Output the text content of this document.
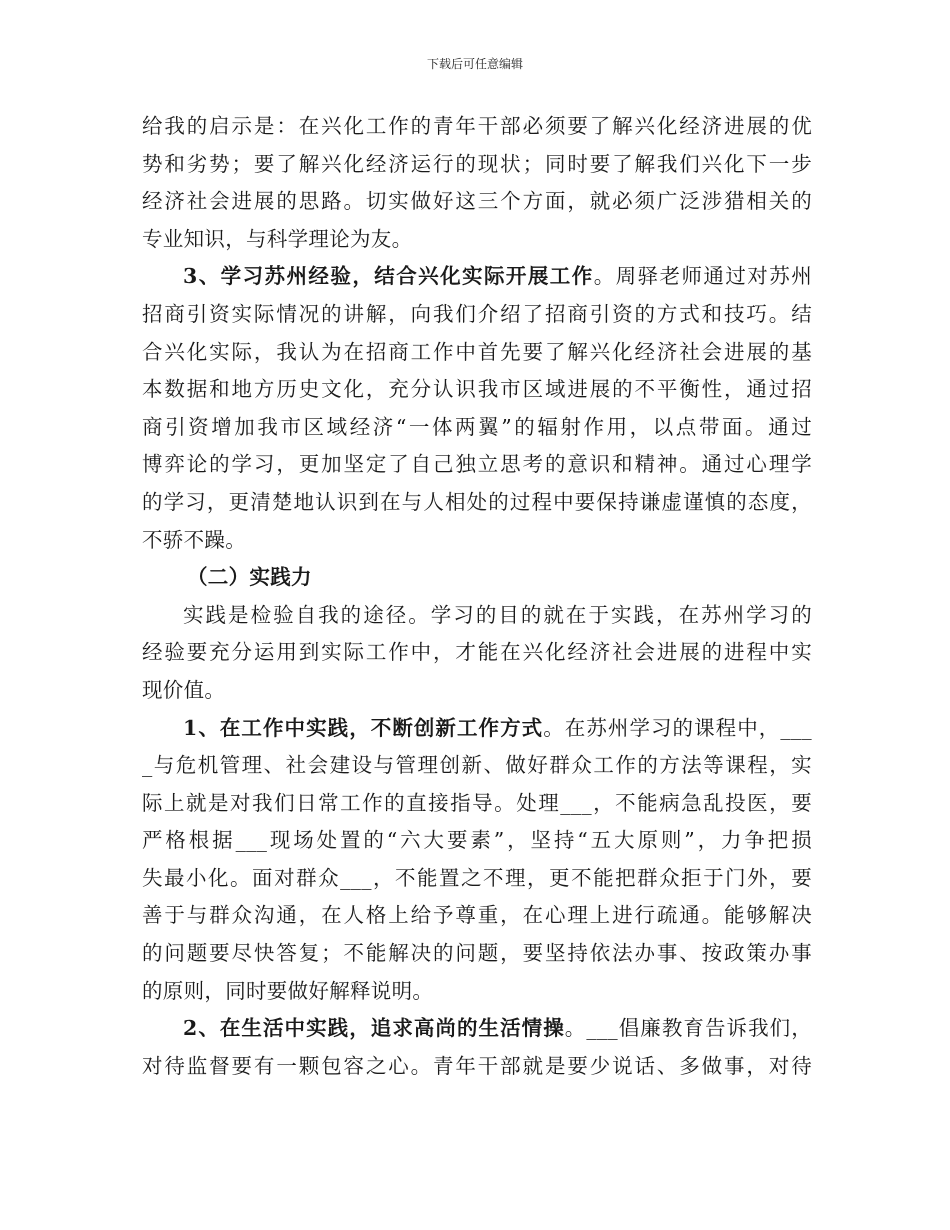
下载后可任意编辑
给我的启示是：在兴化工作的青年干部必须要了解兴化经济进展的优
势和劣势；要了解兴化经济运行的现状；同时要了解我们兴化下一步
经济社会进展的思路。切实做好这三个方面，就必须广泛涉猎相关的
专业知识，与科学理论为友。
3、学习苏州经验，结合兴化实际开展工作。周驿老师通过对苏州
招商引资实际情况的讲解，向我们介绍了招商引资的方式和技巧。结
合兴化实际，我认为在招商工作中首先要了解兴化经济社会进展的基
本数据和地方历史文化，充分认识我市区域进展的不平衡性，通过招
商引资增加我市区域经济“一体两翼”的辐射作用，以点带面。通过
博弈论的学习，更加坚定了自己独立思考的意识和精神。通过心理学
的学习，更清楚地认识到在与人相处的过程中要保持谦虚谨慎的态度，
不骄不躁。
（二）实践力
实践是检验自我的途径。学习的目的就在于实践，在苏州学习的
经验要充分运用到实际工作中，才能在兴化经济社会进展的进程中实
现价值。
1、在工作中实践，不断创新工作方式。在苏州学习的课程中，___
_与危机管理、社会建设与管理创新、做好群众工作的方法等课程，实
际上就是对我们日常工作的直接指导。处理___，不能病急乱投医，要
严格根据___现场处置的“六大要素”，坚持“五大原则”，力争把损
失最小化。面对群众___，不能置之不理，更不能把群众拒于门外，要
善于与群众沟通，在人格上给予尊重，在心理上进行疏通。能够解决
的问题要尽快答复；不能解决的问题，要坚持依法办事、按政策办事
的原则，同时要做好解释说明。
2、在生活中实践，追求高尚的生活情操。___倡廉教育告诉我们，
对待监督要有一颗包容之心。青年干部就是要少说话、多做事，对待
